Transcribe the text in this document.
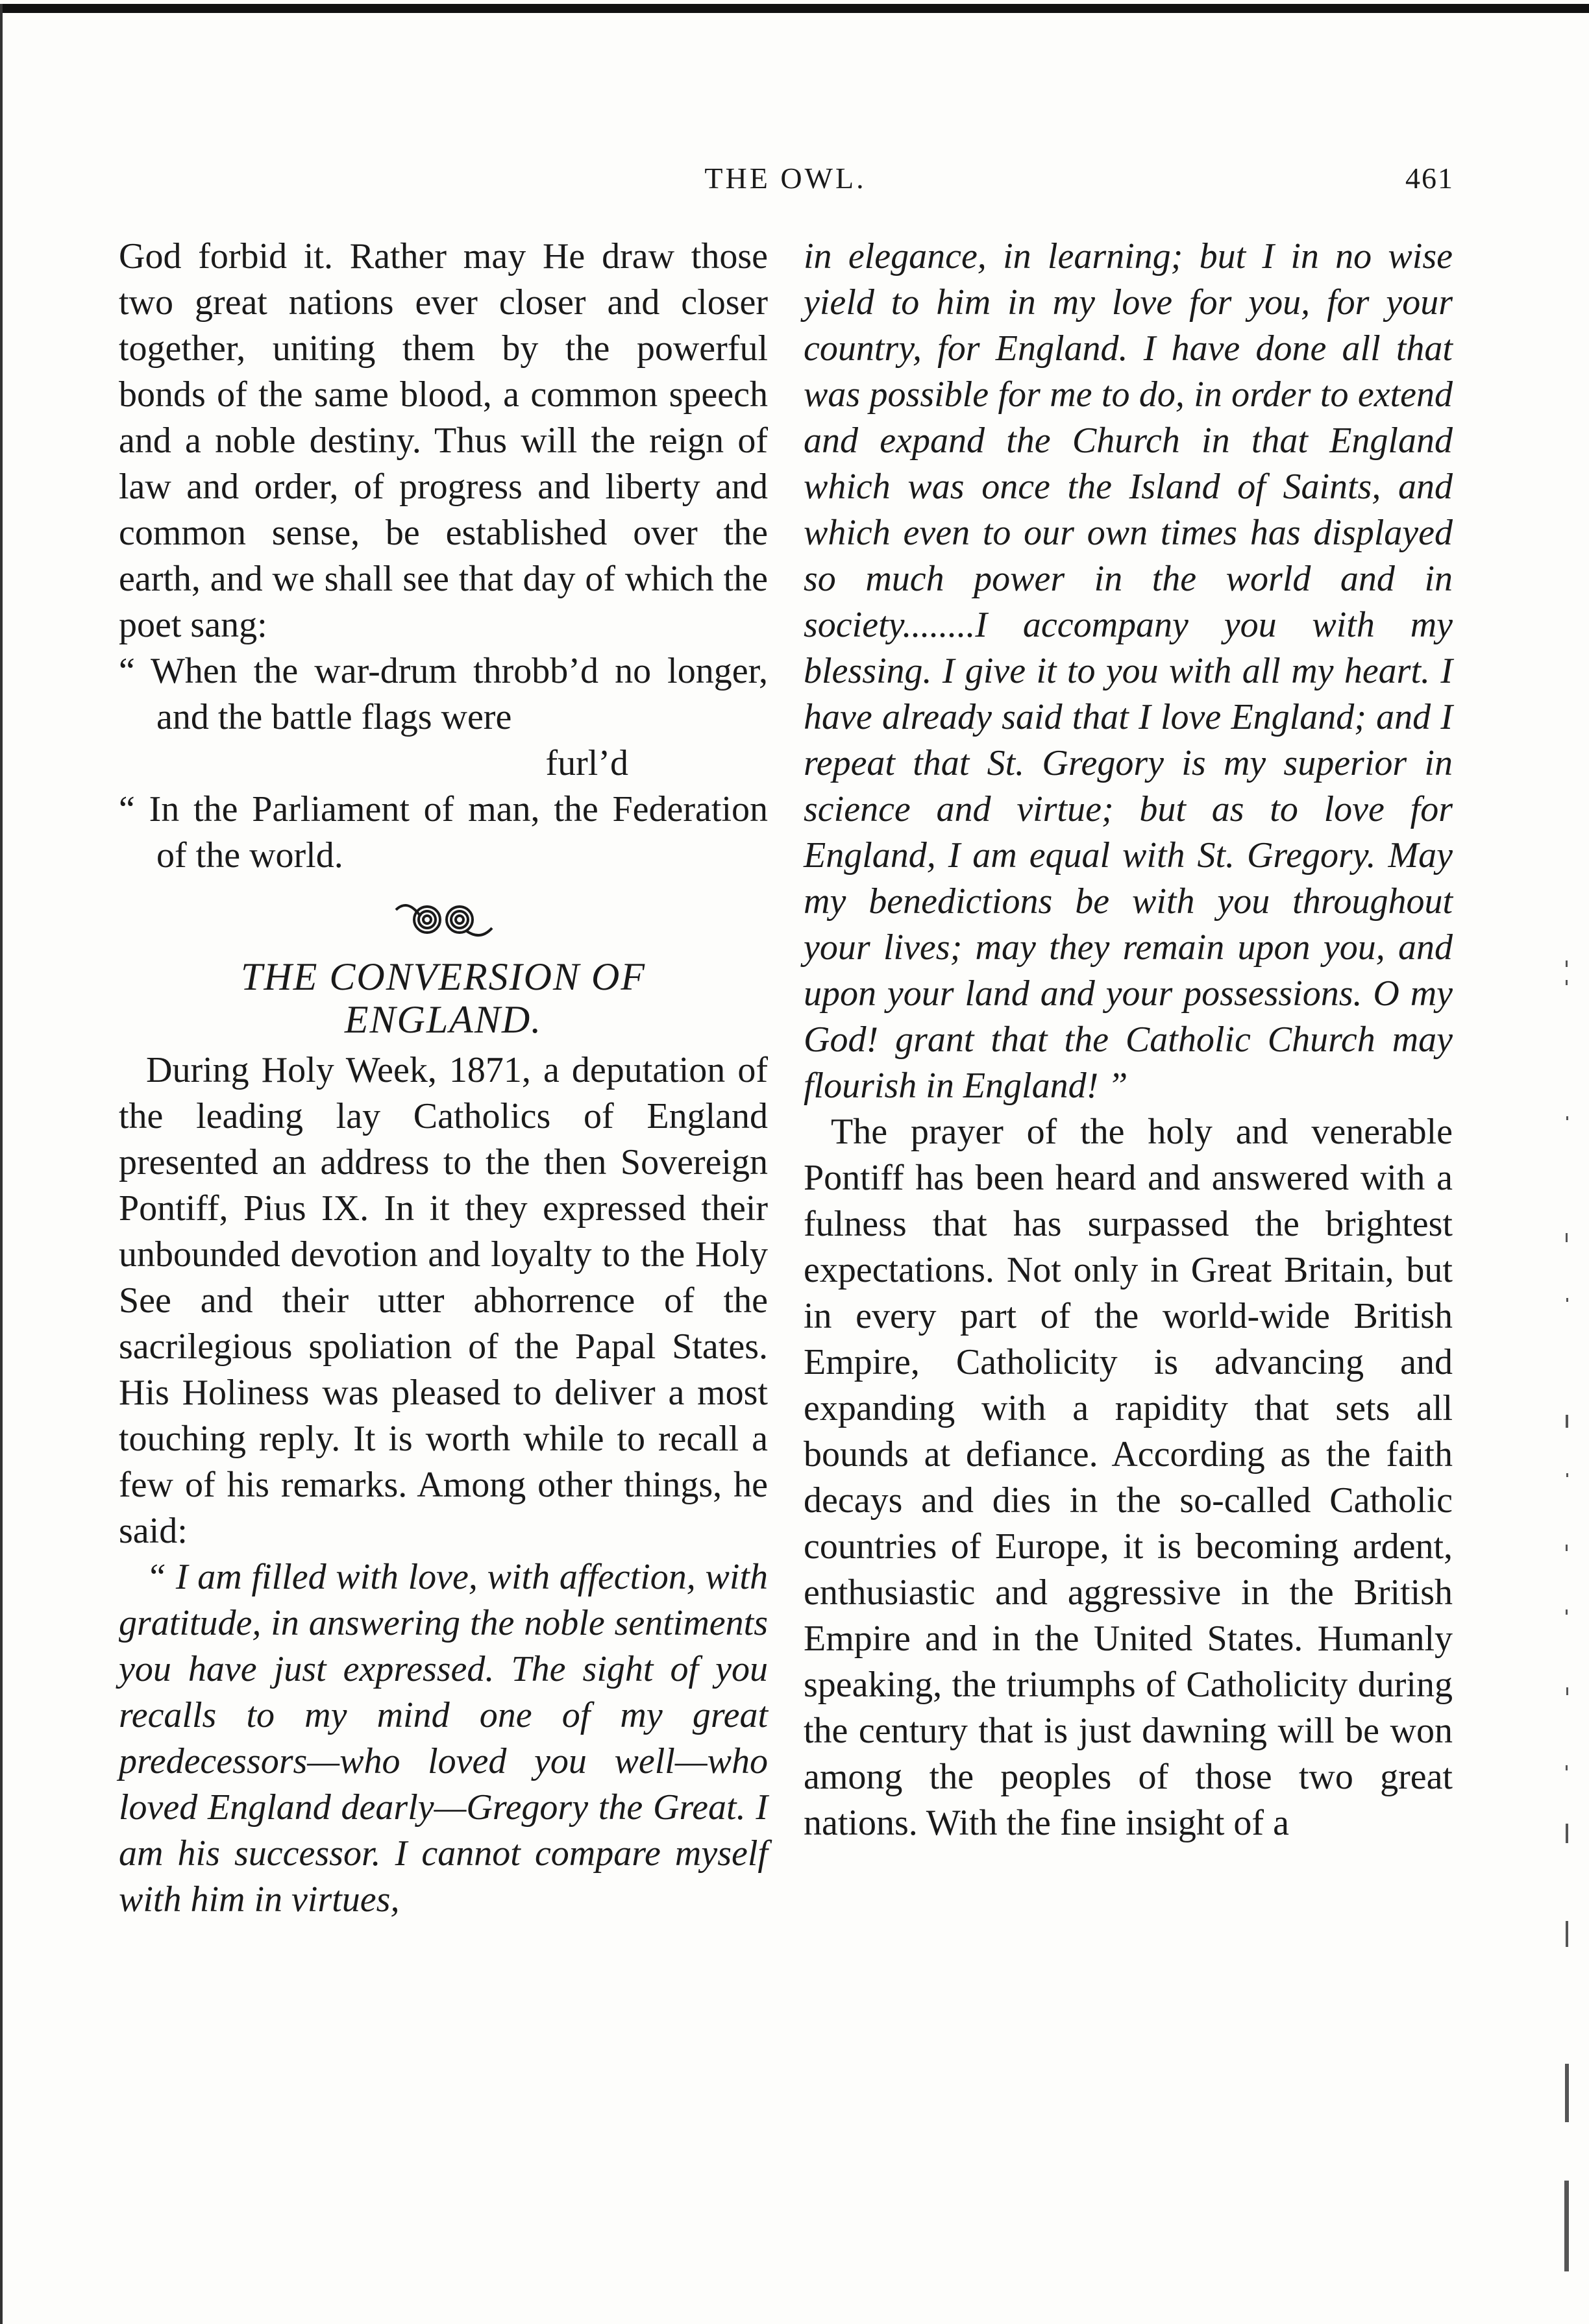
THE OWL.	461

God forbid it. Rather may He draw those two great nations ever closer and closer together, uniting them by the powerful bonds of the same blood, a common speech and a noble destiny. Thus will the reign of law and order, of progress and liberty and common sense, be established over the earth, and we shall see that day of which the poet sang:

“ When the war-drum throbb’d no longer, and the battle flags were

furl’d

“ In the Parliament of man, the Federation of the world.

THE CONVERSION OF
ENGLAND.

During Holy Week, 1871, a deputation of the leading lay Catholics of England presented an address to the then Sovereign Pontiff, Pius IX. In it they expressed their unbounded devotion and loyalty to the Holy See and their utter abhorrence of the sacrilegious spoliation of the Papal States. His Holiness was pleased to deliver a most touching reply. It is worth while to recall a few of his remarks. Among other things, he said:

“ I am filled with love, with affection, with gratitude, in answering the noble sentiments you have just expressed. The sight of you recalls to my mind one of my great predecessors—who loved you well—who loved England dearly—Gregory the Great. I am his successor. I cannot compare myself with him in virtues,

in elegance, in learning; but I in no wise yield to him in my love for you, for your country, for England. I have done all that was possible for me to do, in order to extend and expand the Church in that England which was once the Island of Saints, and which even to our own times has displayed so much power in the world and in society........I accompany you with my blessing. I give it to you with all my heart. I have already said that I love England; and I repeat that St. Gregory is my superior in science and virtue; but as to love for England, I am equal with St. Gregory. May my benedictions be with you throughout your lives; may they remain upon you, and upon your land and your possessions. O my God! grant that the Catholic Church may flourish in England! ”

The prayer of the holy and venerable Pontiff has been heard and answered with a fulness that has surpassed the brightest expectations. Not only in Great Britain, but in every part of the world-wide British Empire, Catholicity is advancing and expanding with a rapidity that sets all bounds at defiance. According as the faith decays and dies in the so-called Catholic countries of Europe, it is becoming ardent, enthusiastic and aggressive in the British Empire and in the United States. Humanly speaking, the triumphs of Catholicity during the century that is just dawning will be won among the peoples of those two great nations. With the fine insight of a
